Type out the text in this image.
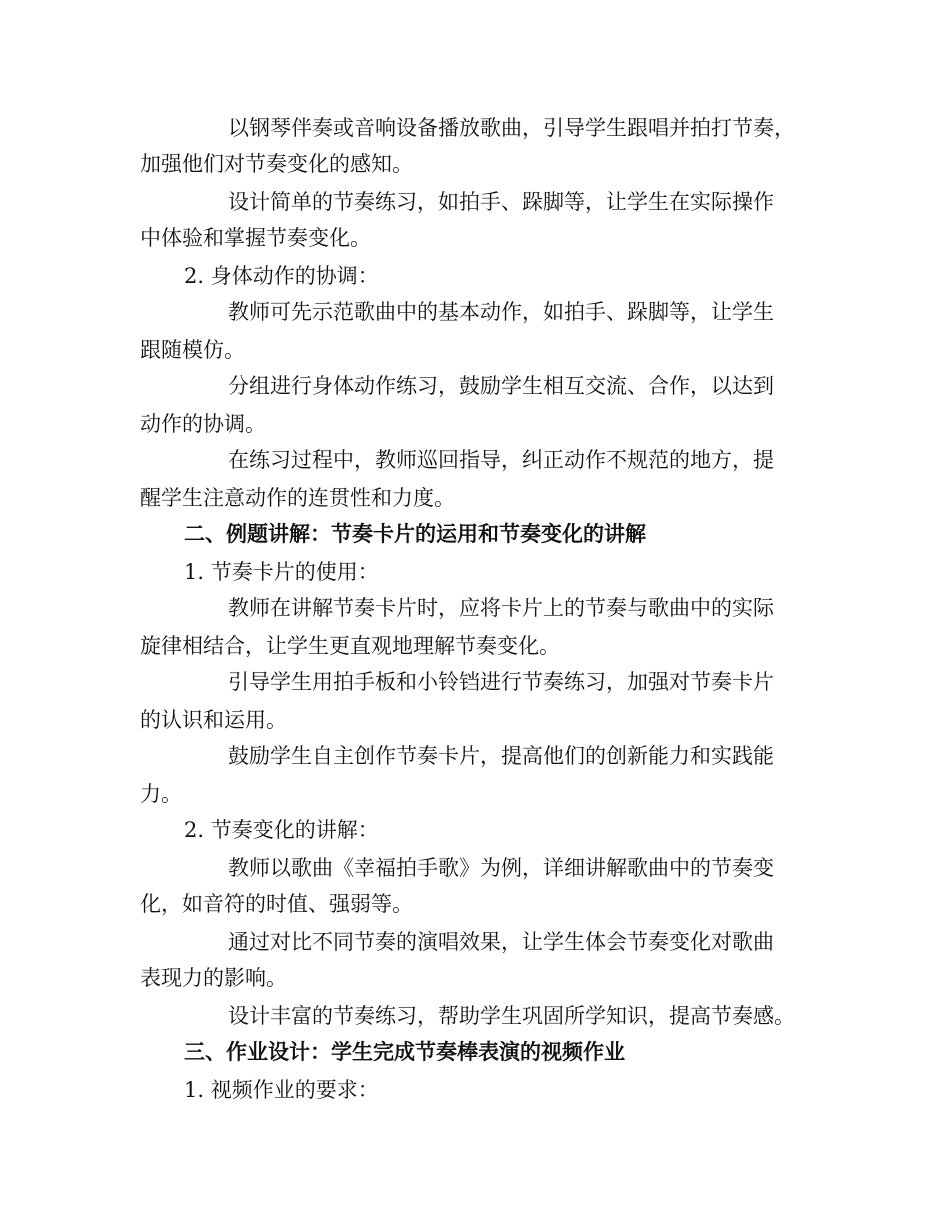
以钢琴伴奏或音响设备播放歌曲，引导学生跟唱并拍打节奏，
加强他们对节奏变化的感知。
设计简单的节奏练习，如拍手、跺脚等，让学生在实际操作
中体验和掌握节奏变化。
2. 身体动作的协调：
教师可先示范歌曲中的基本动作，如拍手、跺脚等，让学生
跟随模仿。
分组进行身体动作练习，鼓励学生相互交流、合作，以达到
动作的协调。
在练习过程中，教师巡回指导，纠正动作不规范的地方，提
醒学生注意动作的连贯性和力度。
二、例题讲解：节奏卡片的运用和节奏变化的讲解
1. 节奏卡片的使用：
教师在讲解节奏卡片时，应将卡片上的节奏与歌曲中的实际
旋律相结合，让学生更直观地理解节奏变化。
引导学生用拍手板和小铃铛进行节奏练习，加强对节奏卡片
的认识和运用。
鼓励学生自主创作节奏卡片，提高他们的创新能力和实践能
力。
2. 节奏变化的讲解：
教师以歌曲《幸福拍手歌》为例，详细讲解歌曲中的节奏变
化，如音符的时值、强弱等。
通过对比不同节奏的演唱效果，让学生体会节奏变化对歌曲
表现力的影响。
设计丰富的节奏练习，帮助学生巩固所学知识，提高节奏感。
三、作业设计：学生完成节奏棒表演的视频作业
1. 视频作业的要求：
